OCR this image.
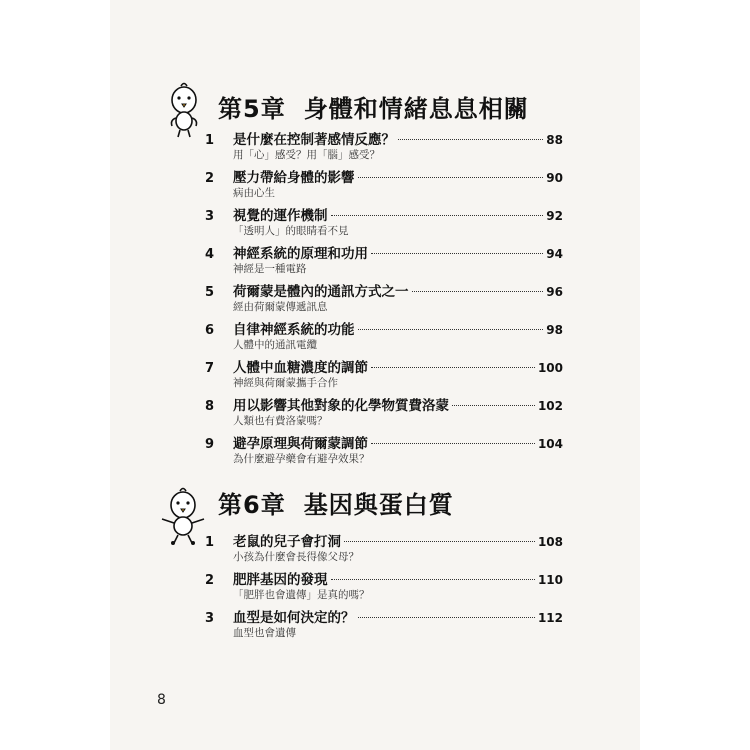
第5章 身體和情緒息息相關
1	是什麼在控制著感情反應？	88
用「心」感受？用「腦」感受？
2	壓力帶給身體的影響	90
病由心生
3	視覺的運作機制	92
「透明人」的眼睛看不見
4	神經系統的原理和功用	94
神經是一種電路
5	荷爾蒙是體內的通訊方式之一	96
經由荷爾蒙傳遞訊息
6	自律神經系統的功能	98
人體中的通訊電纜
7	人體中血糖濃度的調節	100
神經與荷爾蒙攜手合作
8	用以影響其他對象的化學物質費洛蒙	102
人類也有費洛蒙嗎？
9	避孕原理與荷爾蒙調節	104
為什麼避孕藥會有避孕效果？
第6章 基因與蛋白質
1	老鼠的兒子會打洞	108
小孩為什麼會長得像父母？
2	肥胖基因的發現	110
「肥胖也會遺傳」是真的嗎？
3	血型是如何決定的？	112
血型也會遺傳
8
